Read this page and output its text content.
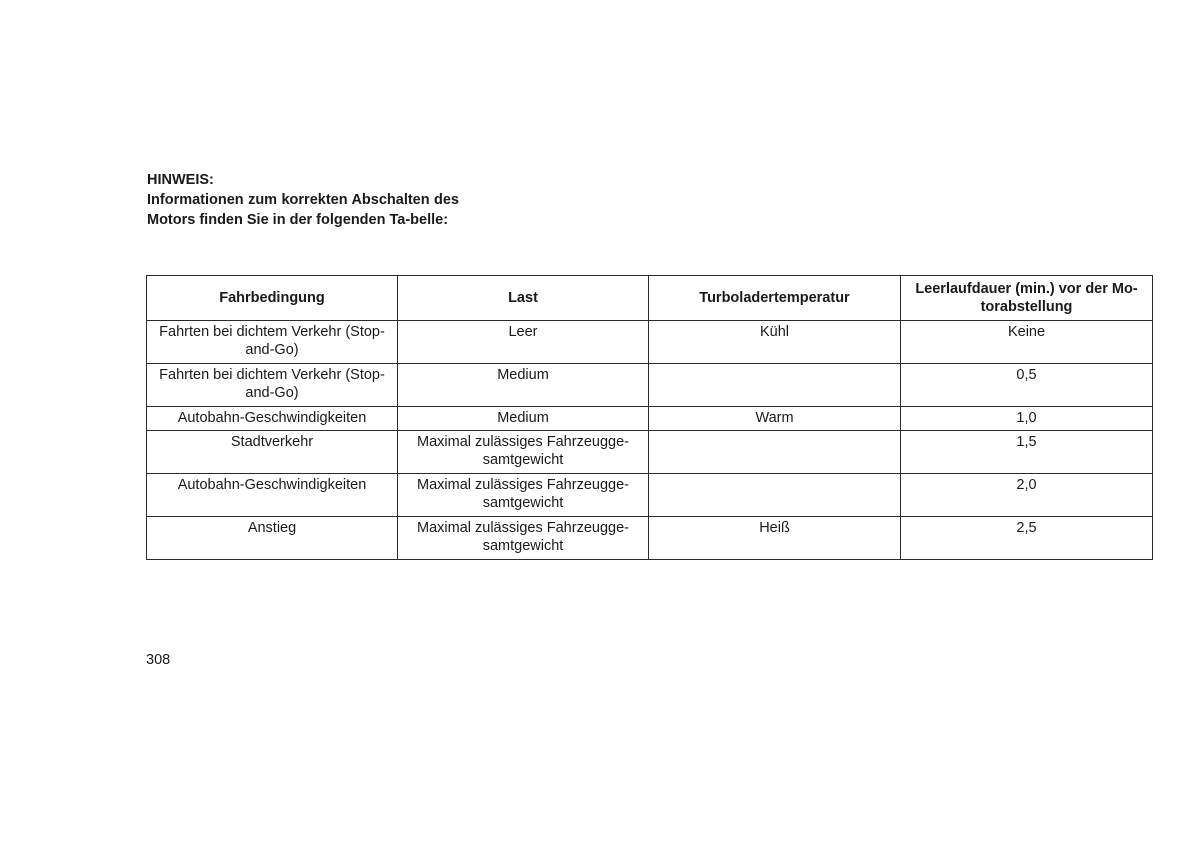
HINWEIS:
Informationen zum korrekten Abschalten des Motors finden Sie in der folgenden Ta-belle:
Fahrbedingung	Last	Turboladertemperatur	Leerlaufdauer (min.) vor der Mo-torabstellung
Fahrten bei dichtem Verkehr (Stop-and-Go)	Leer	Kühl	Keine
Fahrten bei dichtem Verkehr (Stop-and-Go)	Medium		0,5
Autobahn-Geschwindigkeiten	Medium	Warm	1,0
Stadtverkehr	Maximal zulässiges Fahrzeugge-samtgewicht		1,5
Autobahn-Geschwindigkeiten	Maximal zulässiges Fahrzeugge-samtgewicht		2,0
Anstieg	Maximal zulässiges Fahrzeugge-samtgewicht	Heiß	2,5
308
